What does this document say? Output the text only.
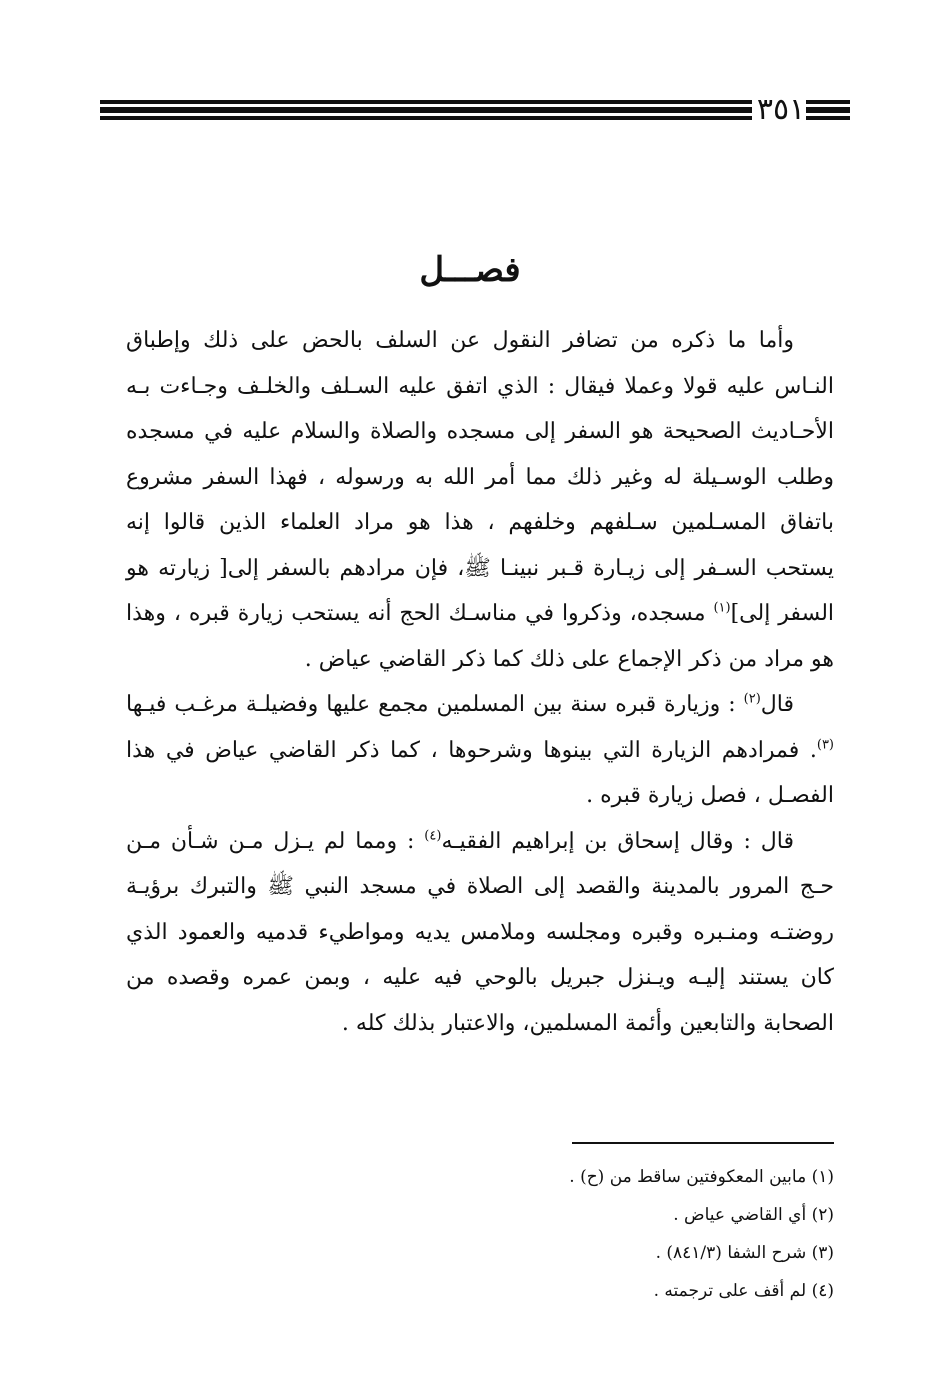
٣٥١
فصـــل

وأما ما ذكره من تضافر النقول عن السلف بالحض على ذلك وإطباق النـاس عليه قولا وعملا فيقال : الذي اتفق عليه السـلف والخلـف وجـاءت بـه الأحـاديث الصحيحة هو السفر إلى مسجده والصلاة والسلام عليه في مسجده وطلب الوسـيلة له وغير ذلك مما أمر الله به ورسوله ، فهذا السفر مشروع باتفاق المسـلمين سـلفهم وخلفهم ، هذا هو مراد العلماء الذين قالوا إنه يستحب السـفر إلى زيـارة قـبر نبينـا ﷺ، فإن مرادهم بالسفر إلى[ زيارته هو السفر إلى]$^{(١)}$ مسجده، وذكروا في مناسـك الحج أنه يستحب زيارة قبره ، وهذا هو مراد من ذكر الإجماع على ذلك كما ذكر القاضي عياض .

قال$^{(٢)}$ : وزيارة قبره سنة بين المسلمين مجمع عليها وفضيلـة مرغـب فيـها $^{(٣)}$. فمرادهم الزيارة التي بينوها وشرحوها ، كما ذكر القاضي عياض في هذا الفصـل ، فصل زيارة قبره .

قال : وقال إسحاق بن إبراهيم الفقيـه$^{(٤)}$ : ومما لم يـزل مـن شـأن مـن حـج المرور بالمدينة والقصد إلى الصلاة في مسجد النبي ﷺ والتبرك برؤيـة روضتـه ومنـبره وقبره ومجلسه وملامس يديه ومواطيء قدميه والعمود الذي كان يستند إليـه ويـنزل جبريل بالوحي فيه عليه ، وبمن عمره وقصده من الصحابة والتابعين وأئمة المسلمين، والاعتبار بذلك كله .

(١) مابين المعكوفتين ساقط من (ح) .
(٢) أي القاضي عياض .
(٣) شرح الشفا (٨٤١/٣) .
(٤) لم أقف على ترجمته .
